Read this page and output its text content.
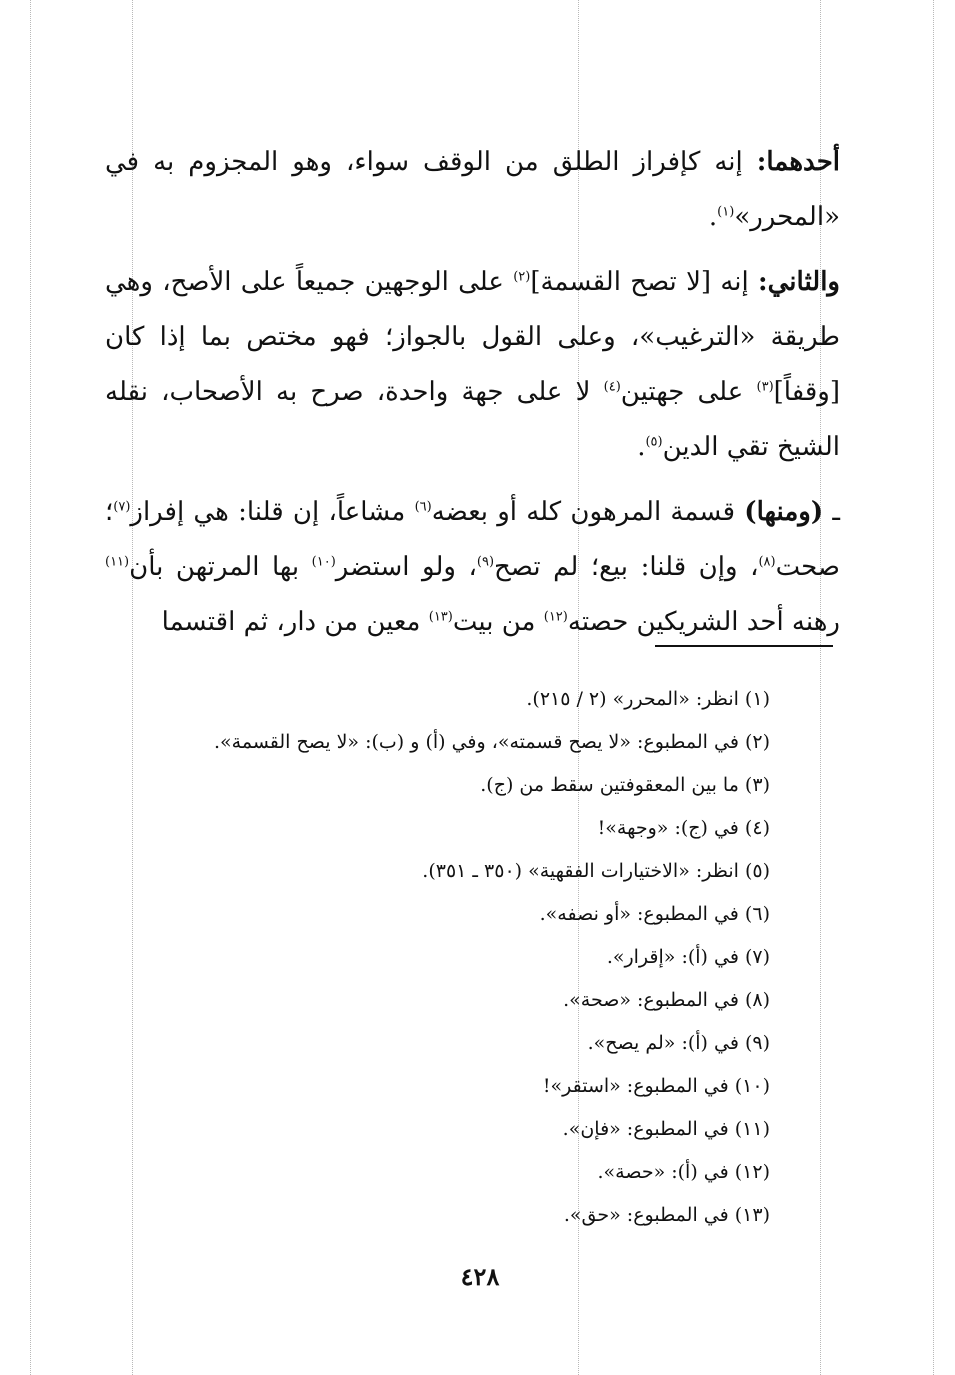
أحدهما: إنه كإفراز الطلق من الوقف سواء، وهو المجزوم به في «المحرر»$^{(١)}$.

والثاني: إنه [لا تصح القسمة]$^{(٢)}$ على الوجهين جميعاً على الأصح، وهي طريقة «الترغيب»، وعلى القول بالجواز؛ فهو مختص بما إذا كان [وقفاً]$^{(٣)}$ على جهتين$^{(٤)}$ لا على جهة واحدة، صرح به الأصحاب، نقله الشيخ تقي الدين$^{(٥)}$.

ـ (ومنها) قسمة المرهون كله أو بعضه$^{(٦)}$ مشاعاً، إن قلنا: هي إفراز$^{(٧)}$؛ صحت$^{(٨)}$، وإن قلنا: بيع؛ لم تصح$^{(٩)}$، ولو استضر$^{(١٠)}$ بها المرتهن بأن$^{(١١)}$ رهنه أحد الشريكين حصته$^{(١٢)}$ من بيت$^{(١٣)}$ معين من دار، ثم اقتسما

(١) انظر: «المحرر» (٢ / ٢١٥).
(٢) في المطبوع: «لا يصح قسمته»، وفي (أ) و (ب): «لا يصح القسمة».
(٣) ما بين المعقوفتين سقط من (ج).
(٤) في (ج): «وجهة»!
(٥) انظر: «الاختيارات الفقهية» (٣٥٠ ـ ٣٥١).
(٦) في المطبوع: «أو نصفه».
(٧) في (أ): «إقرار».
(٨) في المطبوع: «صحة».
(٩) في (أ): «لم يصح».
(١٠) في المطبوع: «استقر»!
(١١) في المطبوع: «فإن».
(١٢) في (أ): «حصة».
(١٣) في المطبوع: «حق».
٤٢٨
